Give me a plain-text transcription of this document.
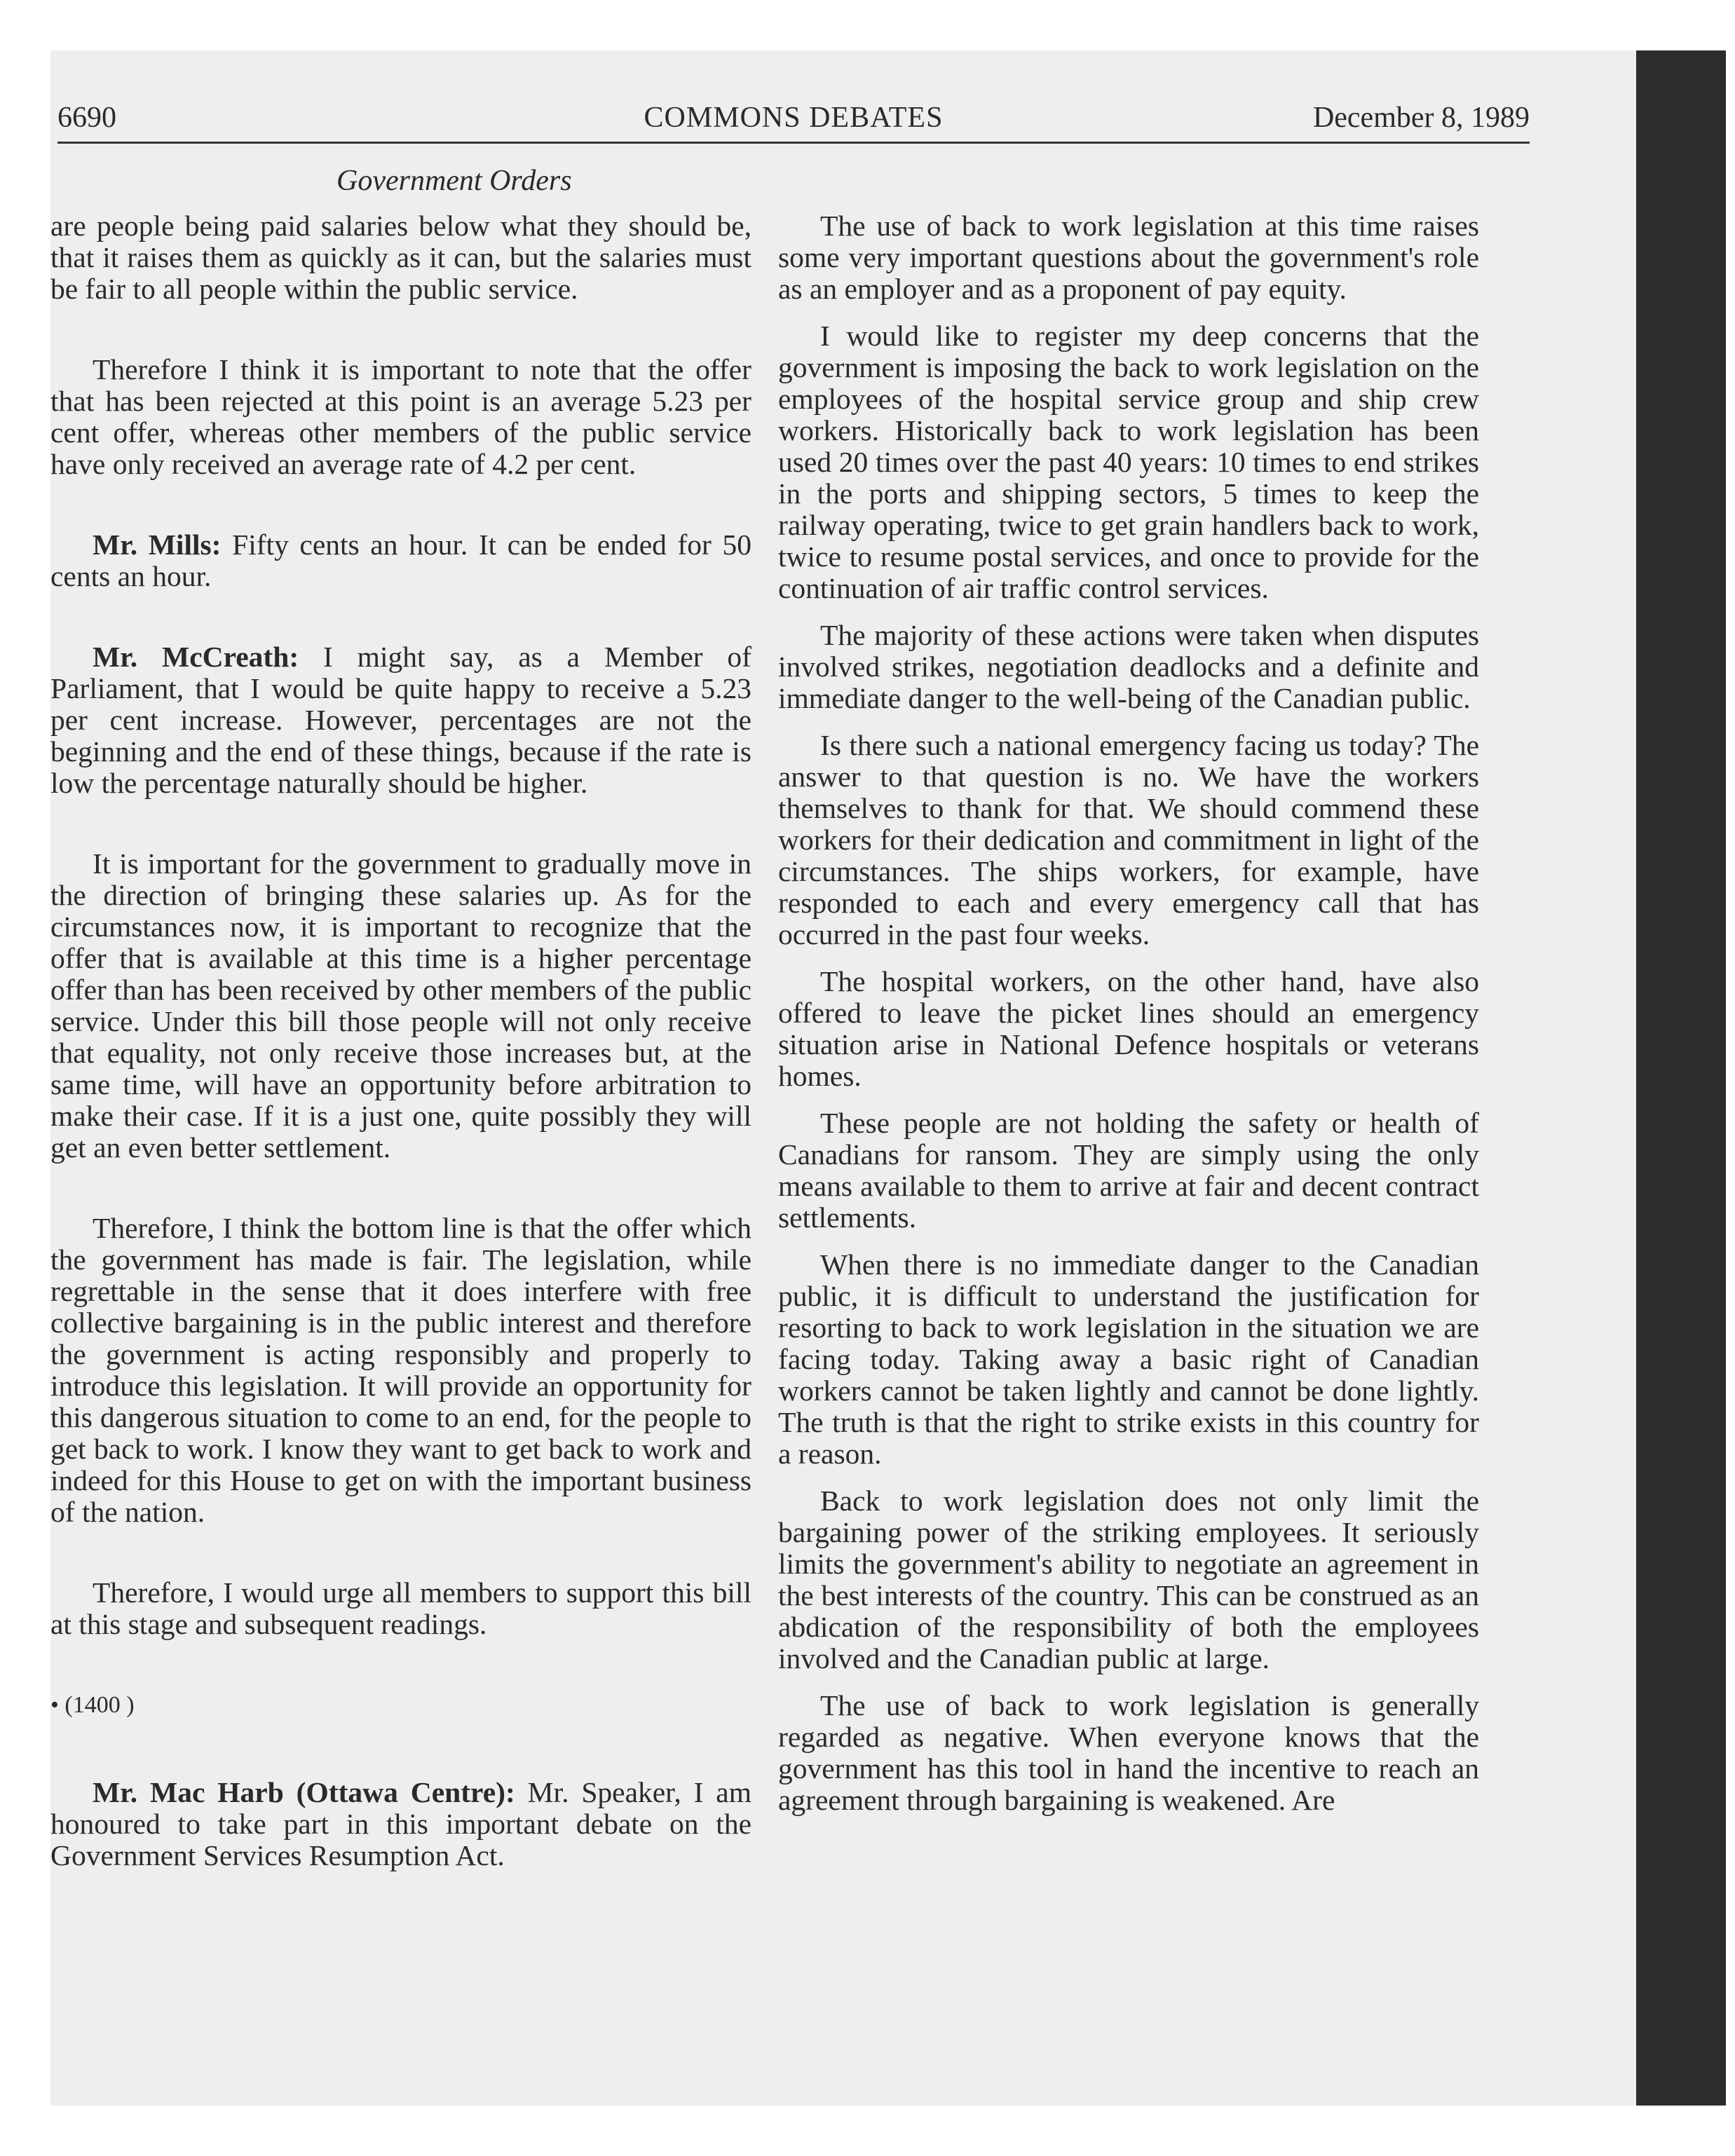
COMMONS DEBATES
6690	December 8, 1989
Government Orders

are people being paid salaries below what they should be, that it raises them as quickly as it can, but the salaries must be fair to all people within the public service.

Therefore I think it is important to note that the offer that has been rejected at this point is an average 5.23 per cent offer, whereas other members of the public service have only received an average rate of 4.2 per cent.

Mr. Mills: Fifty cents an hour. It can be ended for 50 cents an hour.

Mr. McCreath: I might say, as a Member of Parliament, that I would be quite happy to receive a 5.23 per cent increase. However, percentages are not the beginning and the end of these things, because if the rate is low the percentage naturally should be higher.

It is important for the government to gradually move in the direction of bringing these salaries up. As for the circumstances now, it is important to recognize that the offer that is available at this time is a higher percentage offer than has been received by other members of the public service. Under this bill those people will not only receive that equality, not only receive those increases but, at the same time, will have an opportunity before arbitration to make their case. If it is a just one, quite possibly they will get an even better settlement.

Therefore, I think the bottom line is that the offer which the government has made is fair. The legislation, while regrettable in the sense that it does interfere with free collective bargaining is in the public interest and therefore the government is acting responsibly and properly to introduce this legislation. It will provide an opportunity for this dangerous situation to come to an end, for the people to get back to work. I know they want to get back to work and indeed for this House to get on with the important business of the nation.

Therefore, I would urge all members to support this bill at this stage and subsequent readings.

• (1400 )

Mr. Mac Harb (Ottawa Centre): Mr. Speaker, I am honoured to take part in this important debate on the Government Services Resumption Act.

The use of back to work legislation at this time raises some very important questions about the government's role as an employer and as a proponent of pay equity.

I would like to register my deep concerns that the government is imposing the back to work legislation on the employees of the hospital service group and ship crew workers. Historically back to work legislation has been used 20 times over the past 40 years: 10 times to end strikes in the ports and shipping sectors, 5 times to keep the railway operating, twice to get grain handlers back to work, twice to resume postal services, and once to provide for the continuation of air traffic control services.

The majority of these actions were taken when disputes involved strikes, negotiation deadlocks and a definite and immediate danger to the well-being of the Canadian public.

Is there such a national emergency facing us today? The answer to that question is no. We have the workers themselves to thank for that. We should commend these workers for their dedication and commitment in light of the circumstances. The ships workers, for example, have responded to each and every emergency call that has occurred in the past four weeks.

The hospital workers, on the other hand, have also offered to leave the picket lines should an emergency situation arise in National Defence hospitals or veterans homes.

These people are not holding the safety or health of Canadians for ransom. They are simply using the only means available to them to arrive at fair and decent contract settlements.

When there is no immediate danger to the Canadian public, it is difficult to understand the justification for resorting to back to work legislation in the situation we are facing today. Taking away a basic right of Canadian workers cannot be taken lightly and cannot be done lightly. The truth is that the right to strike exists in this country for a reason.

Back to work legislation does not only limit the bargaining power of the striking employees. It seriously limits the government's ability to negotiate an agreement in the best interests of the country. This can be construed as an abdication of the responsibility of both the employees involved and the Canadian public at large.

The use of back to work legislation is generally regarded as negative. When everyone knows that the government has this tool in hand the incentive to reach an agreement through bargaining is weakened. Are
